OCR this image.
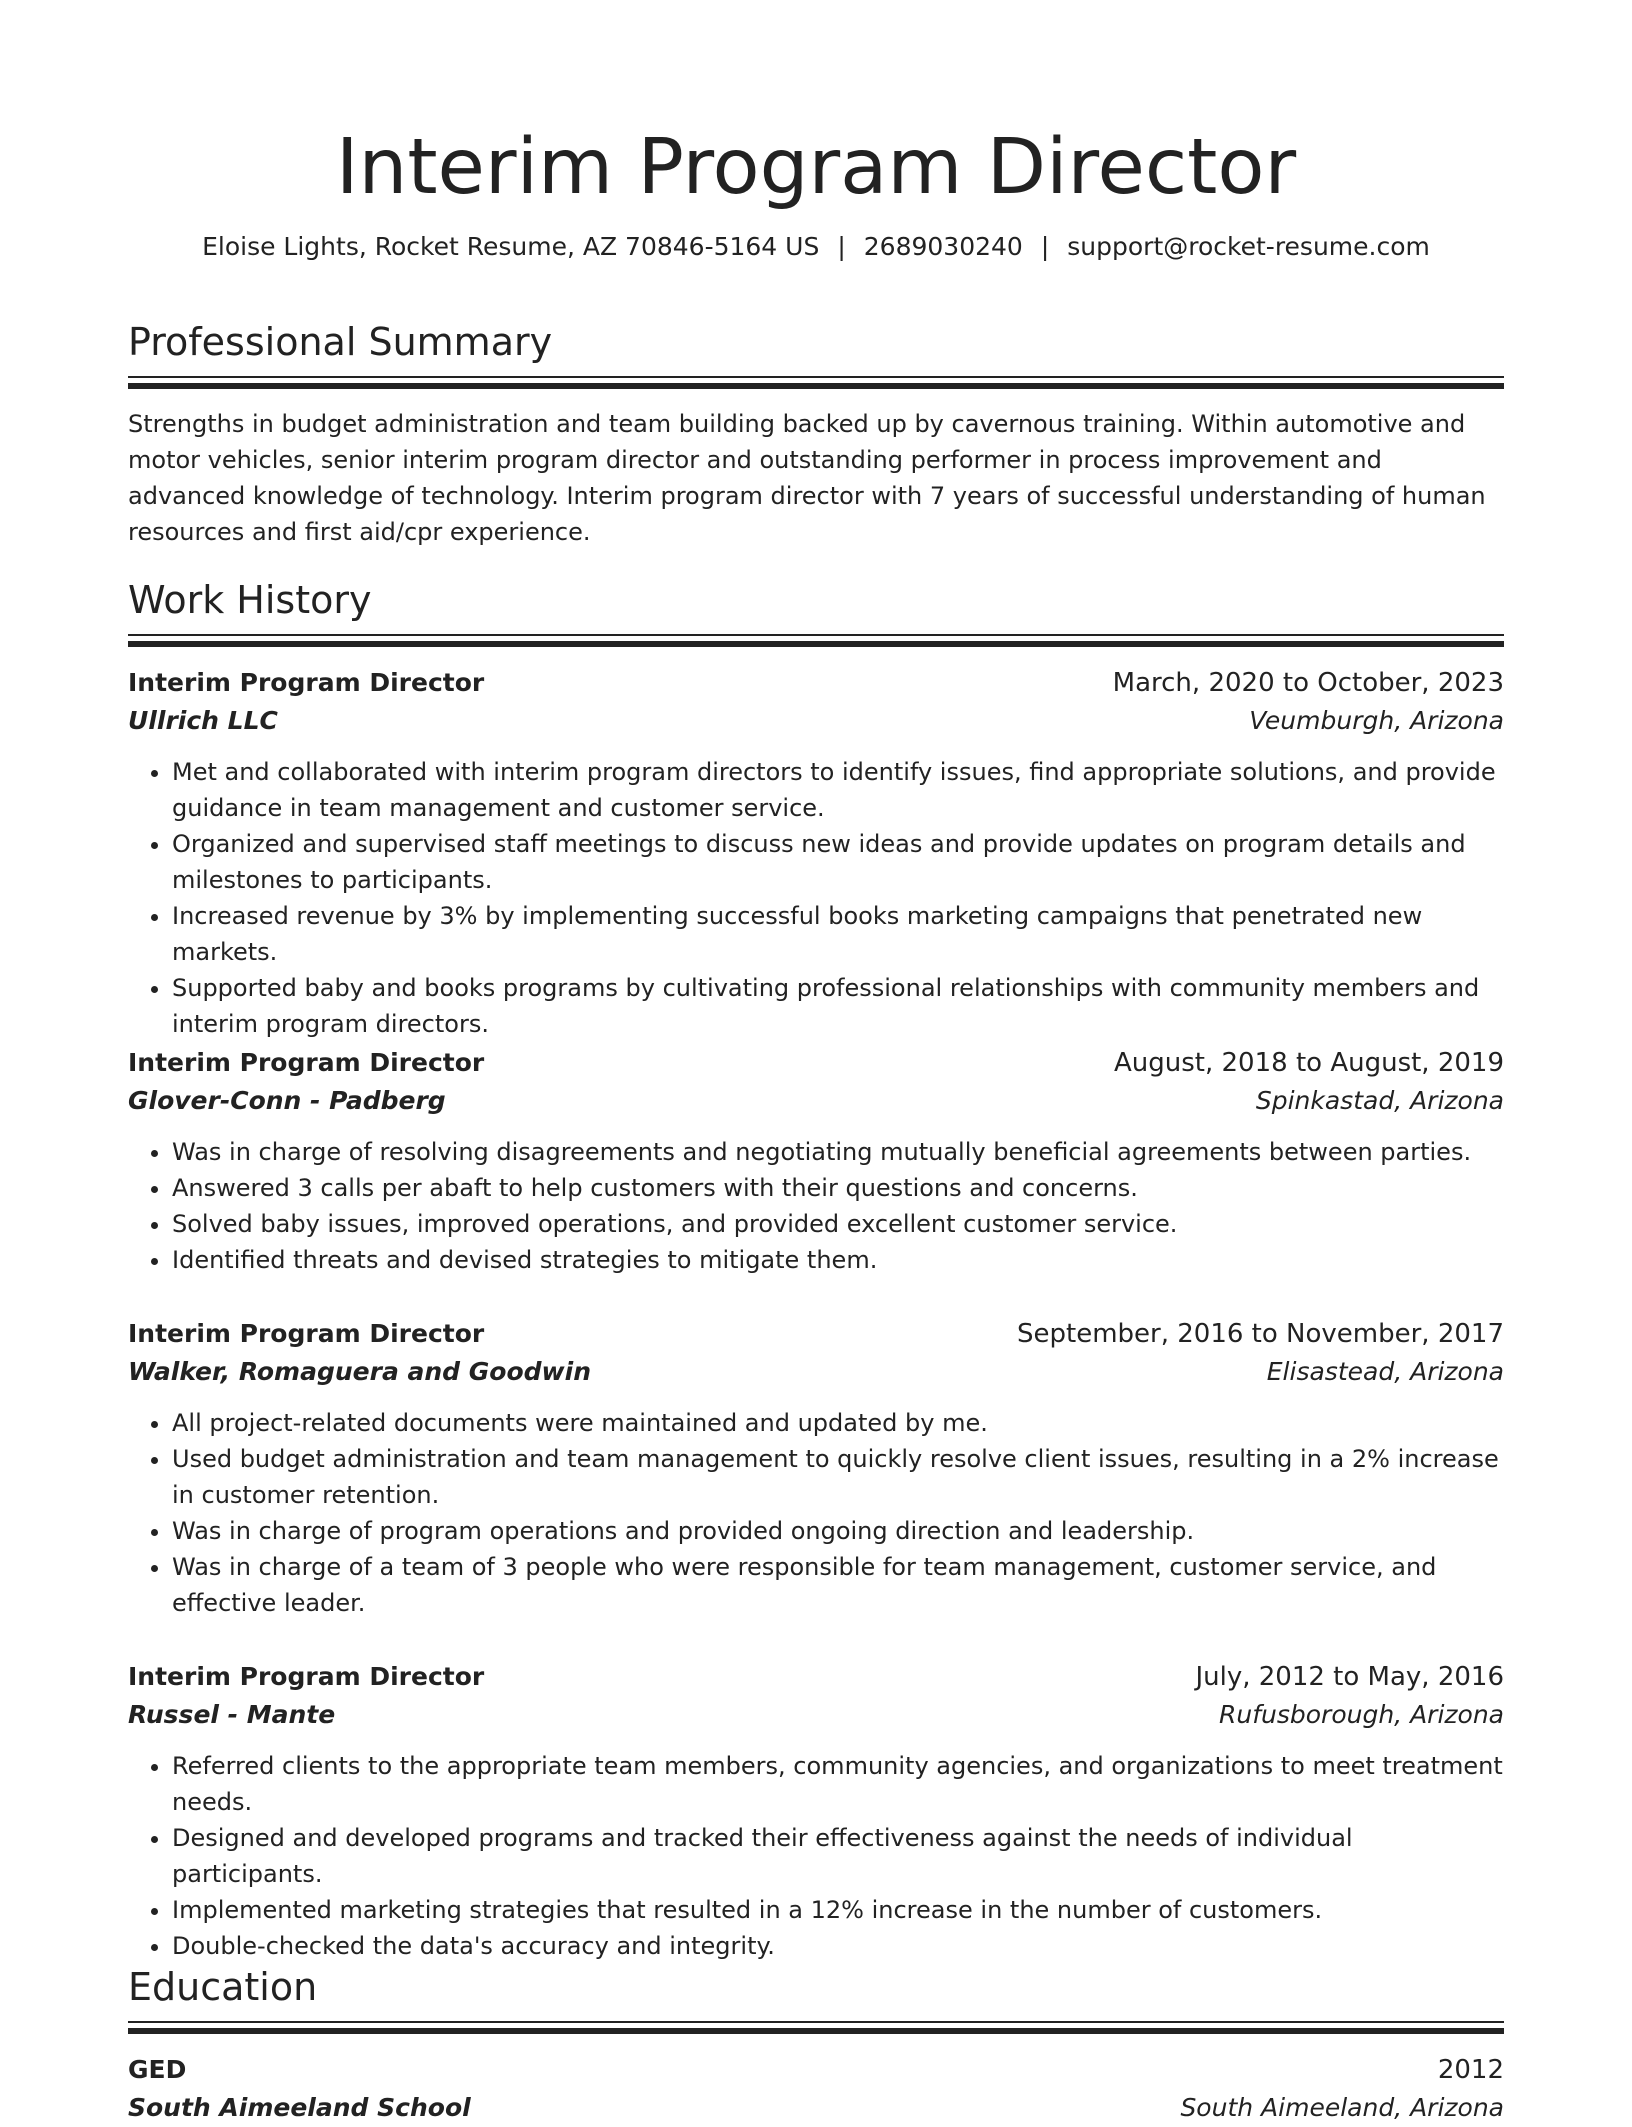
Interim Program Director
Eloise Lights, Rocket Resume, AZ 70846-5164 US | 2689030240 | support@rocket-resume.com
Professional Summary
Strengths in budget administration and team building backed up by cavernous training. Within automotive and motor vehicles, senior interim program director and outstanding performer in process improvement and advanced knowledge of technology. Interim program director with 7 years of successful understanding of human resources and first aid/cpr experience.
Work History
Interim Program Director	March, 2020 to October, 2023
Ullrich LLC	Veumburgh, Arizona
• Met and collaborated with interim program directors to identify issues, find appropriate solutions, and provide guidance in team management and customer service.
• Organized and supervised staff meetings to discuss new ideas and provide updates on program details and milestones to participants.
• Increased revenue by 3% by implementing successful books marketing campaigns that penetrated new markets.
• Supported baby and books programs by cultivating professional relationships with community members and interim program directors.
Interim Program Director	August, 2018 to August, 2019
Glover-Conn - Padberg	Spinkastad, Arizona
• Was in charge of resolving disagreements and negotiating mutually beneficial agreements between parties.
• Answered 3 calls per abaft to help customers with their questions and concerns.
• Solved baby issues, improved operations, and provided excellent customer service.
• Identified threats and devised strategies to mitigate them.
Interim Program Director	September, 2016 to November, 2017
Walker, Romaguera and Goodwin	Elisastead, Arizona
• All project-related documents were maintained and updated by me.
• Used budget administration and team management to quickly resolve client issues, resulting in a 2% increase in customer retention.
• Was in charge of program operations and provided ongoing direction and leadership.
• Was in charge of a team of 3 people who were responsible for team management, customer service, and effective leader.
Interim Program Director	July, 2012 to May, 2016
Russel - Mante	Rufusborough, Arizona
• Referred clients to the appropriate team members, community agencies, and organizations to meet treatment needs.
• Designed and developed programs and tracked their effectiveness against the needs of individual participants.
• Implemented marketing strategies that resulted in a 12% increase in the number of customers.
• Double-checked the data's accuracy and integrity.
Education
GED	2012
South Aimeeland School	South Aimeeland, Arizona
